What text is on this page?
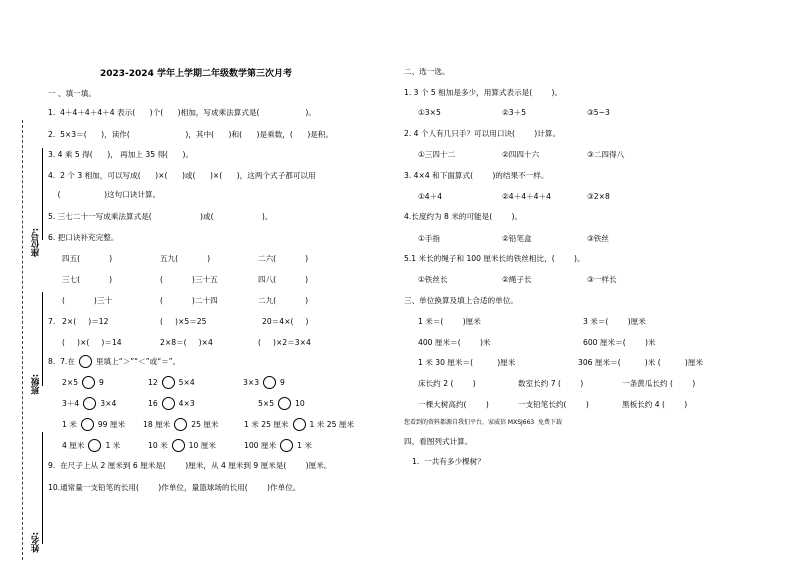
座位号:
班级:
姓名:
2023-2024 学年上学期二年级数学第三次月考
一 、填一填。
1.  4＋4＋4＋4＋4 表示(      )个(      )相加，写成乘法算式是(                   )。
2.  5×3＝(      )，读作(                       )，其中(      )和(      )是乘数，(      )是积。
3. 4 乘 5 得(      )， 再加上 35 得(      )。
4.  2 个 3 相加，可以写成(      )×(      )或(      )×(      )，这两个式子都可以用
(                  )这句口诀计算。
5. 三七二十一写成乘法算式是(                    )或(                    )。
6. 把口诀补充完整。
四五(            )	五九(            )	二六(            )
三七(            )	(            )三十五	四八(            )
(            )三十	(            )二十四	二九(            )
7. 2×(     )＝12	(     )×5＝25	20＝4×(     )
(     )×(     )＝14	2×8＝(     )×4	(     )×2＝3×4
8.  7.在	里填上“＞”“＜”或“＝”。
2×5	9	12	5×4	3×3	9
3＋4	3×4	16	4×3	5×5	10
1 米	99 厘米 18 厘米	25 厘米	1 米 25 厘米	1 米 25 厘米
4 厘米	1 米	10 米	10 厘米	100 厘米	1 米
9.  在尺子上从 2 厘米到 6 厘米是(        )厘米，从 4 厘米到 9 厘米是(        )厘米。
10.通常量一支铅笔的长用(        )作单位，量篮球场的长用(        )作单位。
二、选一选。
1. 3 个 5 相加是多少，用算式表示是(        )。
①3×5	②3＋5	③5−3
2. 4 个人有几只手？可以用口诀(        )计算。
①三四十二	②四四十六	③二四得八
3. 4×4 和下面算式(        )的结果不一样。
①4＋4	②4＋4＋4＋4	③2×8
4.长度约为 8 米的可能是(        )。
①手指	②铅笔盒	③铁丝
5.1 米长的绳子和 100 厘米长的铁丝相比，(        )。
①铁丝长	②绳子长	③一样长
三、单位换算及填上合适的单位。
1 米＝(        )厘米	3 米＝(        )厘米
400 厘米＝(        )米	600 厘米＝(        )米
1 米 30 厘米＝(          )厘米	306 厘米＝(          )米 (          )厘米
床长约 2 (        )	数室长约 7 (        )	一条黄瓜长约 (        )
一棵大树高约(        )	一支铅笔长约(        )	黑板长约 4 (        )
您看到的资料都源自我们平台，家威信 MXSJ663  免费下载
四、看图列式计算。
1.  一共有多少棵树？
